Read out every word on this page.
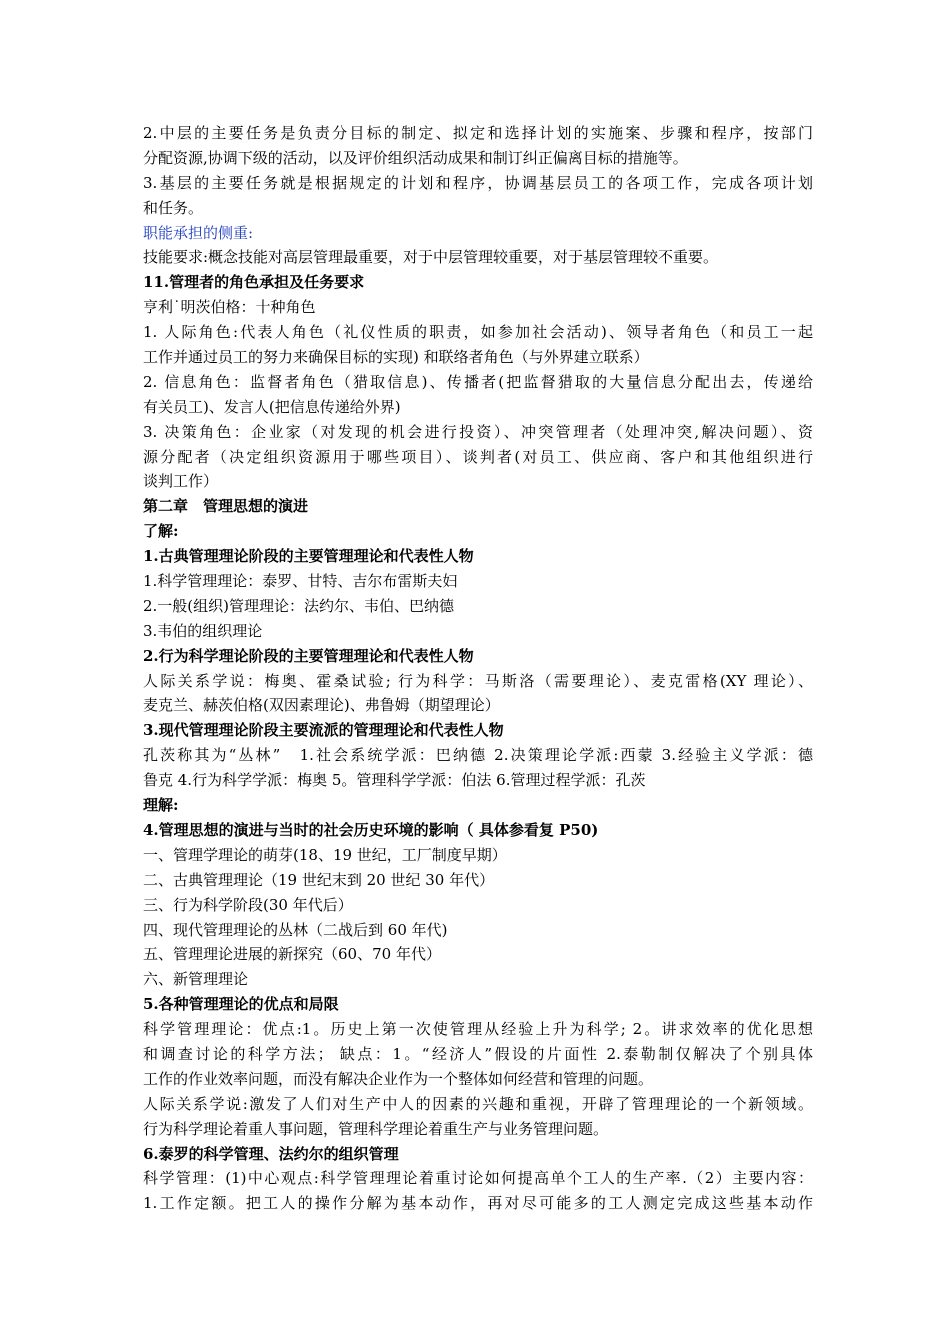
2.中层的主要任务是负责分目标的制定、拟定和选择计划的实施案、步骤和程序，按部门
分配资源,协调下级的活动，以及评价组织活动成果和制订纠正偏离目标的措施等。
3.基层的主要任务就是根据规定的计划和程序，协调基层员工的各项工作，完成各项计划
和任务。
职能承担的侧重:
技能要求:概念技能对高层管理最重要，对于中层管理较重要，对于基层管理较不重要。
11.管理者的角色承担及任务要求
亨利˙明茨伯格：十种角色
1. 人际角色:代表人角色（礼仪性质的职责，如参加社会活动)、领导者角色（和员工一起
工作并通过员工的努力来确保目标的实现) 和联络者角色（与外界建立联系）
2. 信息角色：监督者角色（猎取信息)、传播者(把监督猎取的大量信息分配出去，传递给
有关员工)、发言人(把信息传递给外界)
3. 决策角色：企业家（对发现的机会进行投资）、冲突管理者（处理冲突,解决问题）、资
源分配者（决定组织资源用于哪些项目）、谈判者(对员工、供应商、客户和其他组织进行
谈判工作）
第二章　管理思想的演进
了解:
1.古典管理理论阶段的主要管理理论和代表性人物
1.科学管理理论：泰罗、甘特、吉尔布雷斯夫妇
2.一般(组织)管理理论：法约尔、韦伯、巴纳德
3.韦伯的组织理论
2.行为科学理论阶段的主要管理理论和代表性人物
人际关系学说：梅奥、霍桑试验; 行为科学：马斯洛（需要理论）、麦克雷格(XY 理论）、
麦克兰、赫茨伯格(双因素理论)、弗鲁姆（期望理论）
3.现代管理理论阶段主要流派的管理理论和代表性人物
孔茨称其为“丛林”　1.社会系统学派：巴纳德 2.决策理论学派:西蒙 3.经验主义学派：德
鲁克 4.行为科学学派：梅奥 5。管理科学学派：伯法 6.管理过程学派：孔茨
理解:
4.管理思想的演进与当时的社会历史环境的影响（ 具体参看复 P50)
一、管理学理论的萌芽(18、19 世纪，工厂制度早期）
二、古典管理理论（19 世纪末到 20 世纪 30 年代）
三、行为科学阶段(30 年代后）
四、现代管理理论的丛林（二战后到 60 年代)
五、管理理论进展的新探究（60、70 年代）
六、新管理理论
5.各种管理理论的优点和局限
科学管理理论：优点:1。历史上第一次使管理从经验上升为科学; 2。讲求效率的优化思想
和调查讨论的科学方法； 缺点：1。“经济人”假设的片面性 2.泰勒制仅解决了个别具体
工作的作业效率问题，而没有解决企业作为一个整体如何经营和管理的问题。
人际关系学说:激发了人们对生产中人的因素的兴趣和重视，开辟了管理理论的一个新领域。
行为科学理论着重人事问题，管理科学理论着重生产与业务管理问题。
6.泰罗的科学管理、法约尔的组织管理
科学管理：(1)中心观点:科学管理理论着重讨论如何提高单个工人的生产率.（2）主要内容：
1.工作定额。把工人的操作分解为基本动作，再对尽可能多的工人测定完成这些基本动作
